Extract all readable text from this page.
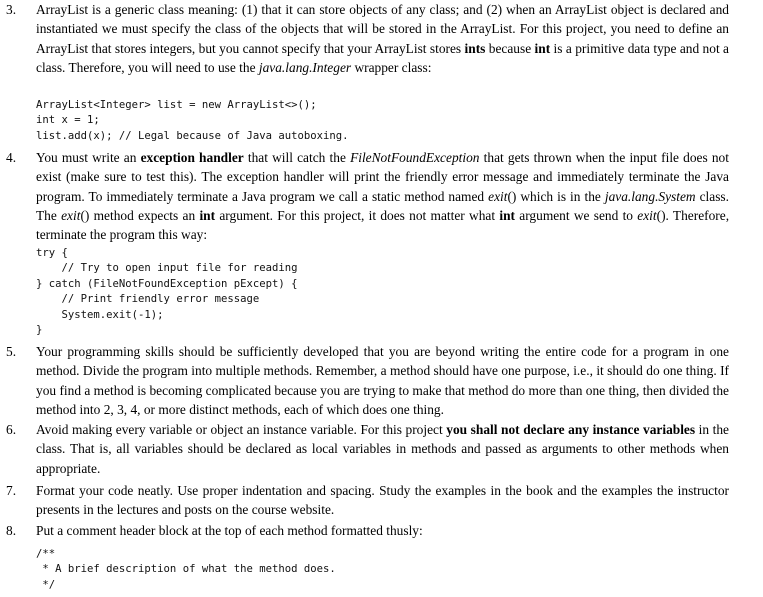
3.	ArrayList is a generic class meaning: (1) that it can store objects of any class; and (2) when an ArrayList object is declared and instantiated we must specify the class of the objects that will be stored in the ArrayList. For this project, you need to define an ArrayList that stores integers, but you cannot specify that your ArrayList stores ints because int is a primitive data type and not a class. Therefore, you will need to use the java.lang.Integer wrapper class:
ArrayList<Integer> list = new ArrayList<>();
int x = 1;
list.add(x); // Legal because of Java autoboxing.
4.	You must write an exception handler that will catch the FileNotFoundException that gets thrown when the input file does not exist (make sure to test this). The exception handler will print the friendly error message and immediately terminate the Java program. To immediately terminate a Java program we call a static method named exit() which is in the java.lang.System class. The exit() method expects an int argument. For this project, it does not matter what int argument we send to exit(). Therefore, terminate the program this way:
try {
// Try to open input file for reading
} catch (FileNotFoundException pExcept) {
// Print friendly error message
System.exit(-1);
}
5.	Your programming skills should be sufficiently developed that you are beyond writing the entire code for a program in one method. Divide the program into multiple methods. Remember, a method should have one purpose, i.e., it should do one thing. If you find a method is becoming complicated because you are trying to make that method do more than one thing, then divided the method into 2, 3, 4, or more distinct methods, each of which does one thing.
6.	Avoid making every variable or object an instance variable. For this project you shall not declare any instance variables in the class. That is, all variables should be declared as local variables in methods and passed as arguments to other methods when appropriate.
7.	Format your code neatly. Use proper indentation and spacing. Study the examples in the book and the examples the instructor presents in the lectures and posts on the course website.
8.	Put a comment header block at the top of each method formatted thusly:
/**
* A brief description of what the method does.
*/
